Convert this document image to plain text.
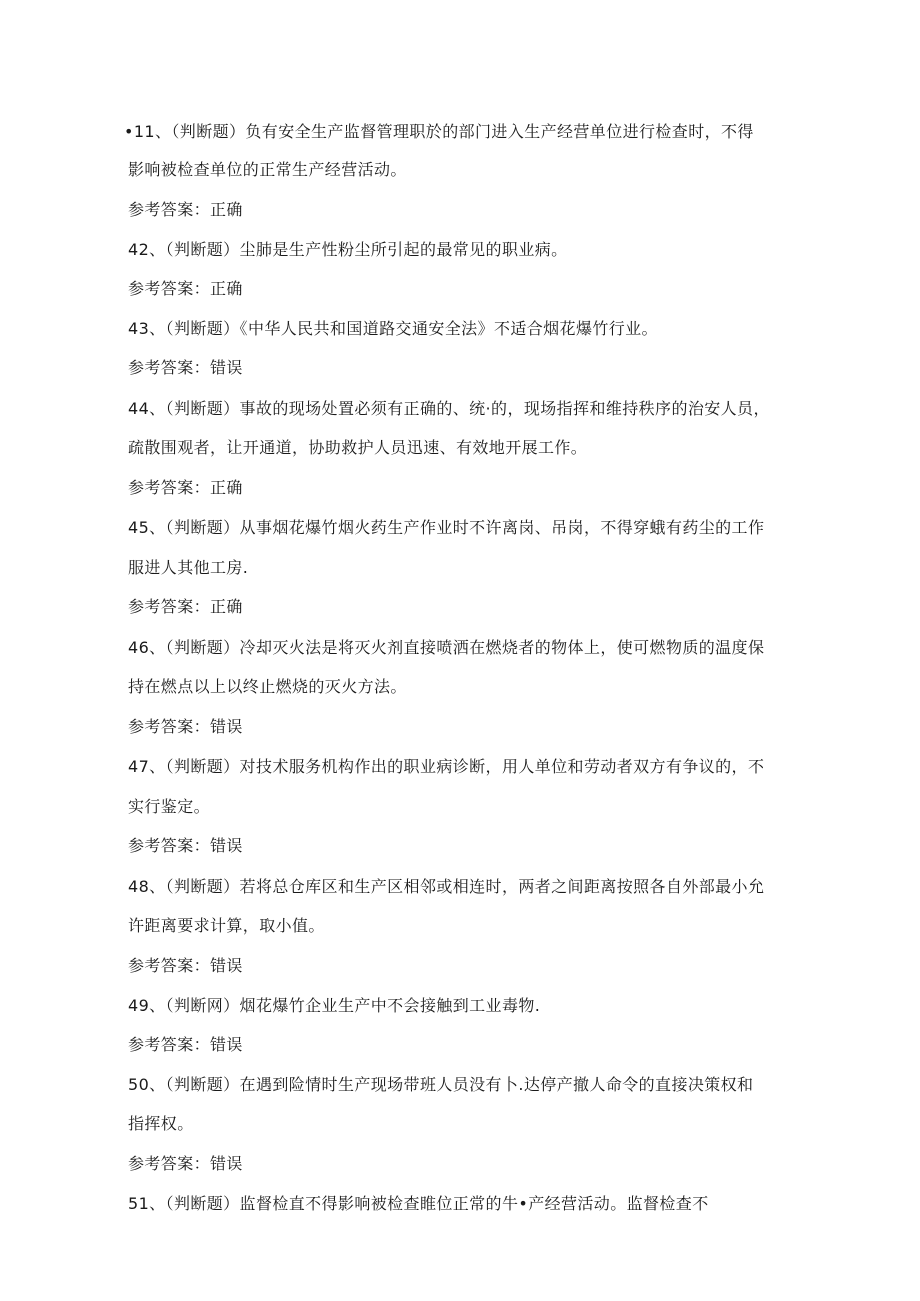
•11、（判断题）负有安全生产监督管理职於的部门进入生产经营单位进行检查时，不得
影响被检查单位的正常生产经营活动。
参考答案：正确
42、（判断题）尘肺是生产性粉尘所引起的最常见的职业病。
参考答案：正确
43、（判断题）《中华人民共和国道路交通安全法》不适合烟花爆竹行业。
参考答案：错误
44、（判断题）事故的现场处置必须有正确的、统·的，现场指挥和维持秩序的治安人员，
疏散围观者，让开通道，协助救护人员迅速、有效地开展工作。
参考答案：正确
45、（判断题）从事烟花爆竹烟火药生产作业时不许离岗、吊岗，不得穿蛾有药尘的工作
服进人其他工房.
参考答案：正确
46、（判断题）冷却灭火法是将灭火剂直接喷洒在燃烧者的物体上，使可燃物质的温度保
持在燃点以上以终止燃烧的灭火方法。
参考答案：错误
47、（判断题）对技术服务机构作出的职业病诊断，用人单位和劳动者双方有争议的，不
实行鉴定。
参考答案：错误
48、（判断题）若将总仓库区和生产区相邻或相连时，两者之间距离按照各自外部最小允
许距离要求计算，取小值。
参考答案：错误
49、（判断网）烟花爆竹企业生产中不会接触到工业毒物.
参考答案：错误
50、（判断题）在遇到险情时生产现场带班人员没有卜.达停产撤人命令的直接决策权和
指挥权。
参考答案：错误
51、（判断题）监督检直不得影响被检查睢位正常的牛•产经营活动。监督检查不
